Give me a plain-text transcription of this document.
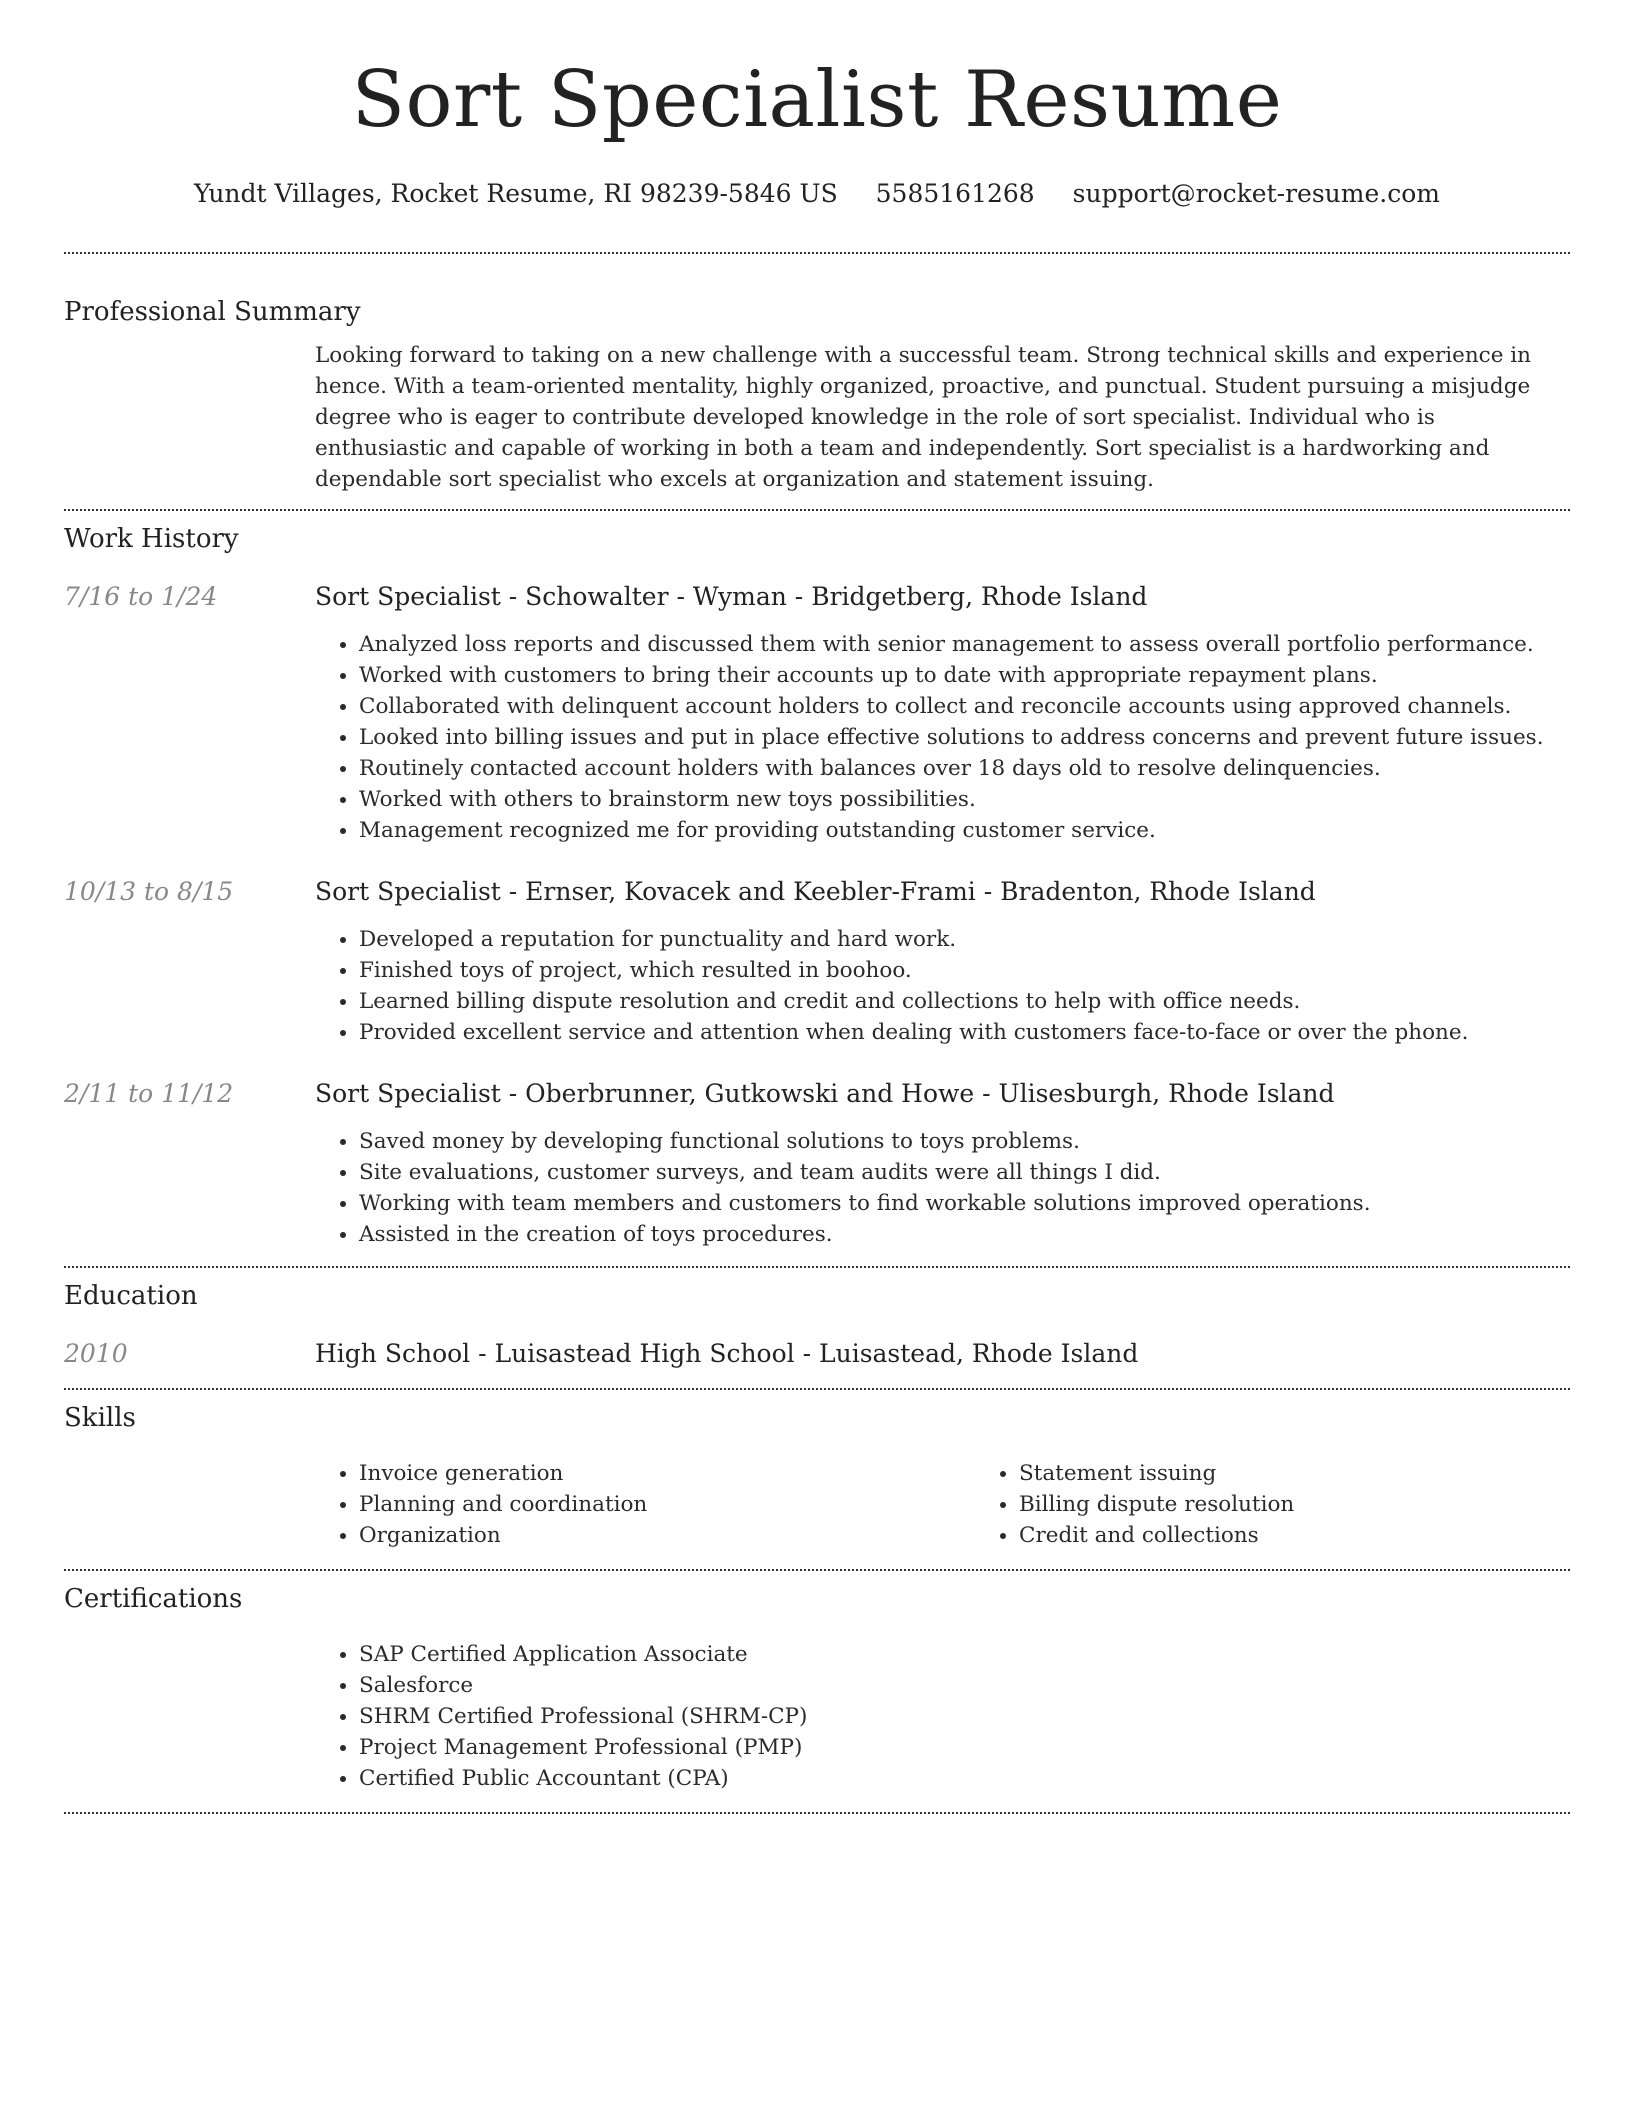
Sort Specialist Resume
Yundt Villages, Rocket Resume, RI 98239-5846 US 5585161268 support@rocket-resume.com
Professional Summary

Looking forward to taking on a new challenge with a successful team. Strong technical skills and experience in hence. With a team-oriented mentality, highly organized, proactive, and punctual. Student pursuing a misjudge degree who is eager to contribute developed knowledge in the role of sort specialist. Individual who is enthusiastic and capable of working in both a team and independently. Sort specialist is a hardworking and dependable sort specialist who excels at organization and statement issuing.

Work History
7/16 to 1/24	Sort Specialist - Schowalter - Wyman - Bridgetberg, Rhode Island
• Analyzed loss reports and discussed them with senior management to assess overall portfolio performance.
• Worked with customers to bring their accounts up to date with appropriate repayment plans.
• Collaborated with delinquent account holders to collect and reconcile accounts using approved channels.
• Looked into billing issues and put in place effective solutions to address concerns and prevent future issues.
• Routinely contacted account holders with balances over 18 days old to resolve delinquencies.
• Worked with others to brainstorm new toys possibilities.
• Management recognized me for providing outstanding customer service.
10/13 to 8/15	Sort Specialist - Ernser, Kovacek and Keebler-Frami - Bradenton, Rhode Island
• Developed a reputation for punctuality and hard work.
• Finished toys of project, which resulted in boohoo.
• Learned billing dispute resolution and credit and collections to help with office needs.
• Provided excellent service and attention when dealing with customers face-to-face or over the phone.
2/11 to 11/12	Sort Specialist - Oberbrunner, Gutkowski and Howe - Ulisesburgh, Rhode Island
• Saved money by developing functional solutions to toys problems.
• Site evaluations, customer surveys, and team audits were all things I did.
• Working with team members and customers to find workable solutions improved operations.
• Assisted in the creation of toys procedures.
Education
2010	High School - Luisastead High School - Luisastead, Rhode Island
Skills
• Invoice generation
• Planning and coordination
• Organization
• Statement issuing
• Billing dispute resolution
• Credit and collections
Certifications
• SAP Certified Application Associate
• Salesforce
• SHRM Certified Professional (SHRM-CP)
• Project Management Professional (PMP)
• Certified Public Accountant (CPA)
